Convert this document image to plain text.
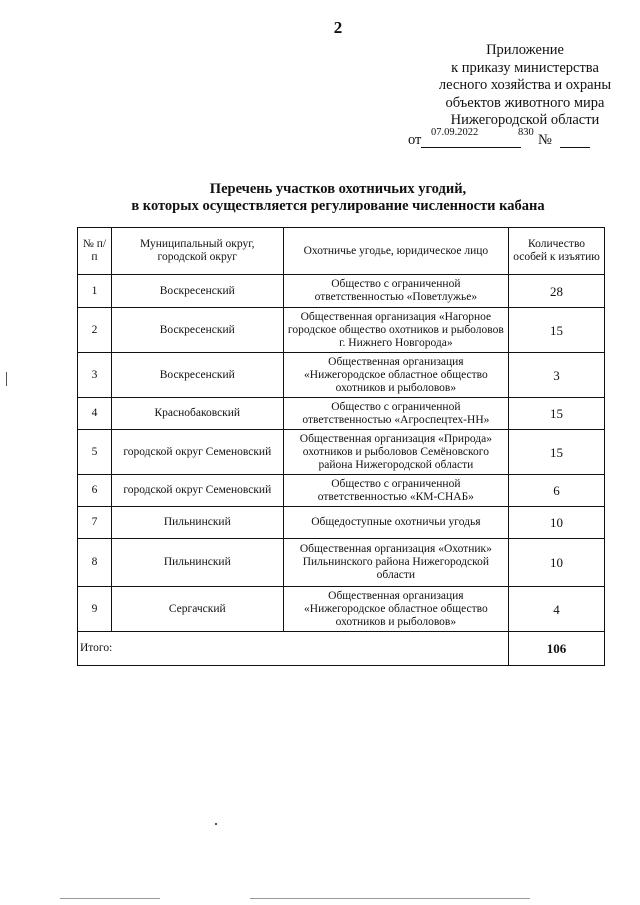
2
Приложение
к приказу министерства
лесного хозяйства и охраны
объектов животного мира
Нижегородской области
от 07.09.2022	830 №
Перечень участков охотничьих угодий,
в которых осуществляется регулирование численности кабана
№ п/п	Муниципальный округ, городской округ	Охотничье угодье, юридическое лицо	Количество особей к изъятию
1	Воскресенский	Общество с ограниченной ответственностью «Поветлужье»	28
2	Воскресенский	Общественная организация «Нагорное городское общество охотников и рыболовов г. Нижнего Новгорода»	15
3	Воскресенский	Общественная организация «Нижегородское областное общество охотников и рыболовов»	3
4	Краснобаковский	Общество с ограниченной ответственностью «Агроспецтех-НН»	15
5	городской округ Семеновский	Общественная организация «Природа» охотников и рыболовов Семёновского района Нижегородской области	15
6	городской округ Семеновский	Общество с ограниченной ответственностью «КМ-СНАБ»	6
7	Пильнинский	Общедоступные охотничьи угодья	10
8	Пильнинский	Общественная организация «Охотник» Пильнинского района Нижегородской области	10
9	Сергачский	Общественная организация «Нижегородское областное общество охотников и рыболовов»	4
Итого:			106
